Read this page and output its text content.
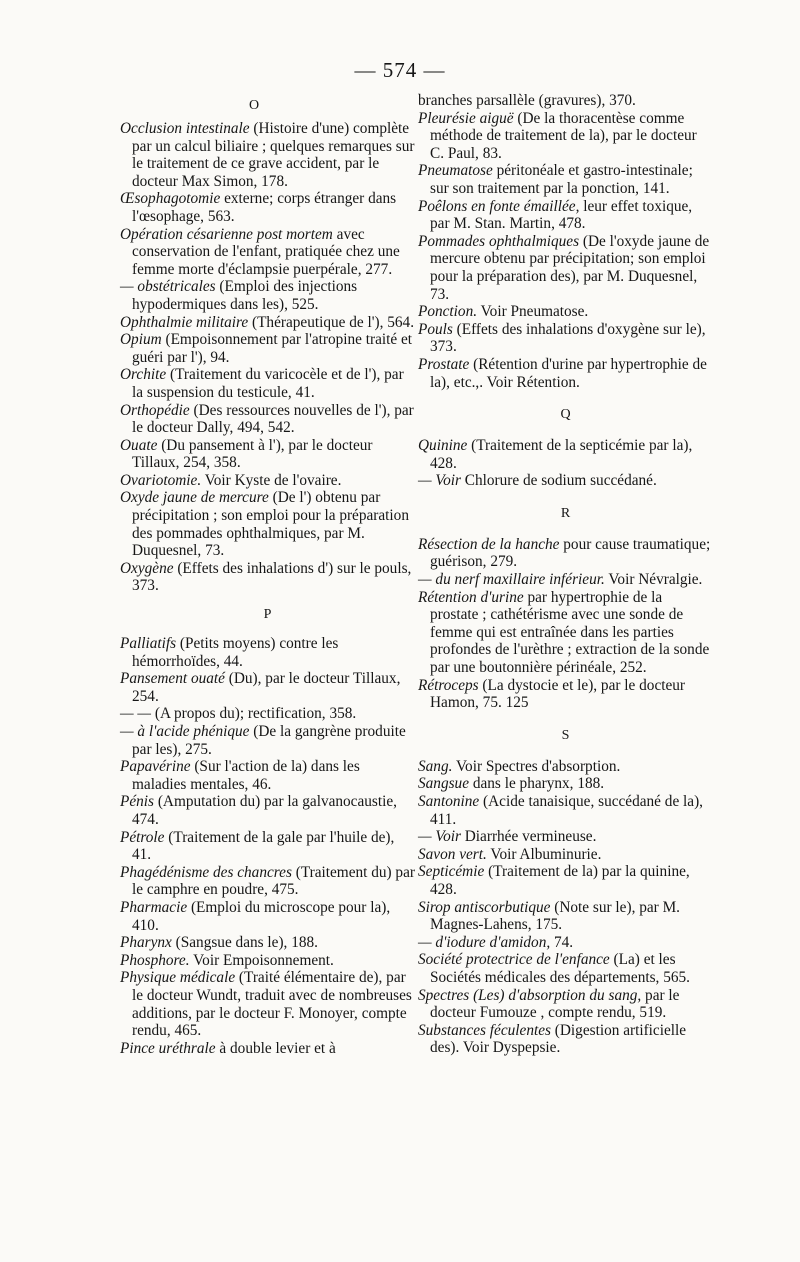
— 574 —
O

Occlusion intestinale (Histoire d'une) complète par un calcul biliaire ; quelques remarques sur le traitement de ce grave accident, par le docteur Max Simon, 178.

Œsophagotomie externe; corps étranger dans l'œsophage, 563.

Opération césarienne post mortem avec conservation de l'enfant, pratiquée chez une femme morte d'éclampsie puerpérale, 277.

— obstétricales (Emploi des injections hypodermiques dans les), 525.

Ophthalmie militaire (Thérapeutique de l'), 564.

Opium (Empoisonnement par l'atropine traité et guéri par l'), 94.

Orchite (Traitement du varicocèle et de l'), par la suspension du testicule, 41.

Orthopédie (Des ressources nouvelles de l'), par le docteur Dally, 494, 542.

Ouate (Du pansement à l'), par le docteur Tillaux, 254, 358.

Ovariotomie. Voir Kyste de l'ovaire.

Oxyde jaune de mercure (De l') obtenu par précipitation ; son emploi pour la préparation des pommades ophthalmiques, par M. Duquesnel, 73.

Oxygène (Effets des inhalations d') sur le pouls, 373.

P

Palliatifs (Petits moyens) contre les hémorrhoïdes, 44.

Pansement ouaté (Du), par le docteur Tillaux, 254.

— — (A propos du); rectification, 358.

— à l'acide phénique (De la gangrène produite par les), 275.

Papavérine (Sur l'action de la) dans les maladies mentales, 46.

Pénis (Amputation du) par la galvanocaustie, 474.

Pétrole (Traitement de la gale par l'huile de), 41.

Phagédénisme des chancres (Traitement du) par le camphre en poudre, 475.

Pharmacie (Emploi du microscope pour la), 410.

Pharynx (Sangsue dans le), 188.

Phosphore. Voir Empoisonnement.

Physique médicale (Traité élémentaire de), par le docteur Wundt, traduit avec de nombreuses additions, par le docteur F. Monoyer, compte rendu, 465.

Pince uréthrale à double levier et à

branches parsallèle (gravures), 370.

Pleurésie aiguë (De la thoracentèse comme méthode de traitement de la), par le docteur C. Paul, 83.

Pneumatose péritonéale et gastro-intestinale; sur son traitement par la ponction, 141.

Poêlons en fonte émaillée, leur effet toxique, par M. Stan. Martin, 478.

Pommades ophthalmiques (De l'oxyde jaune de mercure obtenu par précipitation; son emploi pour la préparation des), par M. Duquesnel, 73.

Ponction. Voir Pneumatose.

Pouls (Effets des inhalations d'oxygène sur le), 373.

Prostate (Rétention d'urine par hypertrophie de la), etc.,. Voir Rétention.

Q

Quinine (Traitement de la septicémie par la), 428.

— Voir Chlorure de sodium succédané.

R

Résection de la hanche pour cause traumatique; guérison, 279.

— du nerf maxillaire inférieur. Voir Névralgie.

Rétention d'urine par hypertrophie de la prostate ; cathétérisme avec une sonde de femme qui est entraînée dans les parties profondes de l'urèthre ; extraction de la sonde par une boutonnière périnéale, 252.

Rétroceps (La dystocie et le), par le docteur Hamon, 75. 125

S

Sang. Voir Spectres d'absorption.

Sangsue dans le pharynx, 188.

Santonine (Acide tanaisique, succédané de la), 411.

— Voir Diarrhée vermineuse.

Savon vert. Voir Albuminurie.

Septicémie (Traitement de la) par la quinine, 428.

Sirop antiscorbutique (Note sur le), par M. Magnes-Lahens, 175.

— d'iodure d'amidon, 74.

Société protectrice de l'enfance (La) et les Sociétés médicales des départements, 565.

Spectres (Les) d'absorption du sang, par le docteur Fumouze , compte rendu, 519.

Substances féculentes (Digestion artificielle des). Voir Dyspepsie.
